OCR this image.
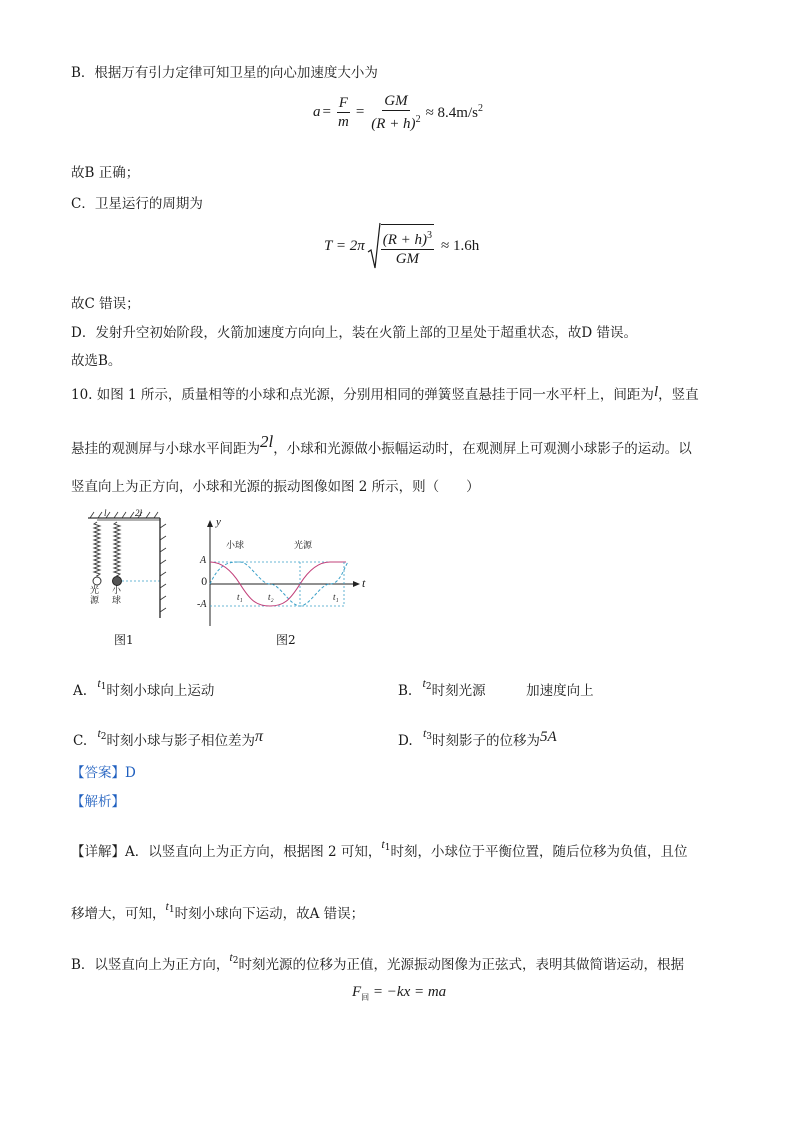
B．根据万有引力定律可知卫星的向心加速度大小为
$a = \frac{F}{m} = \frac{GM}{(R + h)^2} \approx 8.4m/s^2$
故B 正确；
C．卫星运行的周期为
$T = 2\pi \frac{(R + h)^3}{GM} \approx 1.6h$
故C 错误；
D．发射升空初始阶段，火箭加速度方向向上，装在火箭上部的卫星处于超重状态，故D 错误。
故选B。
10. 如图 1 所示，质量相等的小球和点光源，分别用相同的弹簧竖直悬挂于同一水平杆上，间距为l，竖直
悬挂的观测屏与小球水平间距为2l，小球和光源做小振幅运动时，在观测屏上可观测小球影子的运动。以
竖直向上为正方向，小球和光源的振动图像如图 2 所示，则（　　）
l	2l
光源
小球
图1
y
t
0
A
-A
小球	光源
t₁	t₂	t₁
图2
A. $t_1$时刻小球向上运动	B. $t_2$时刻光源　　　加速度向上
C. $t_2$时刻小球与影子相位差为π	D. $t_3$时刻影子的位移为5A
【答案】D
【解析】
【详解】A．以竖直向上为正方向，根据图 2 可知，$t_1$时刻，小球位于平衡位置，随后位移为负值，且位
移增大，可知，$t_1$时刻小球向下运动，故A 错误；
B．以竖直向上为正方向，$t_2$时刻光源的位移为正值，光源振动图像为正弦式，表明其做简谐运动，根据
$F_回 = -kx$ = ma
